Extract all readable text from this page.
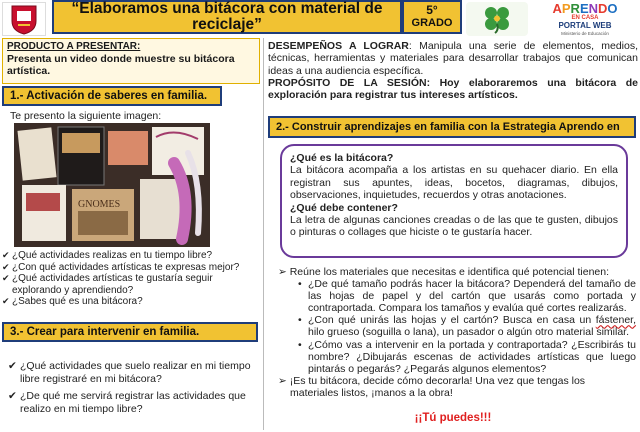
“Elaboramos una bitácora con material de reciclaje”
5°
GRADO
APRENDO
EN CASA
PORTAL WEB
Ministerio de Educación
PRODUCTO A PRESENTAR:
Presenta un video donde muestre su bitácora artística.
1.- Activación de saberes en familia.
Te presento la siguiente imagen:
GNOMES
✔ ¿Qué actividades realizas en tu tiempo libre?
✔ ¿Con qué actividades artísticas te expresas mejor?
✔ ¿Qué actividades artísticas te gustaría seguir explorando y aprendiendo?
✔ ¿Sabes qué es una bitácora?
3.- Crear para intervenir en familia.
✔ ¿Qué actividades que suelo realizar en mi tiempo libre registraré en mi bitácora?
✔ ¿De qué me servirá registrar las actividades que realizo en mi tiempo libre?
DESEMPEÑOS A LOGRAR: Manipula una serie de elementos, medios, técnicas, herramientas y materiales para desarrollar trabajos que comunican ideas a una audiencia específica.
PROPÓSITO DE LA SESIÓN: Hoy elaboraremos una bitácora de exploración para registrar tus intereses artísticos.
2.- Construir aprendizajes en familia con la Estrategia Aprendo en
¿Qué es la bitácora?
La bitácora acompaña a los artistas en su quehacer diario. En ella registran sus apuntes, ideas, bocetos, diagramas, dibujos, observaciones, inquietudes, recuerdos y otras anotaciones.
¿Qué debe contener?
La letra de algunas canciones creadas o de las que te gusten, dibujos o pinturas o collages que hiciste o te gustaría hacer.
➢ Reúne los materiales que necesitas e identifica qué potencial tienen:
• ¿De qué tamaño podrás hacer la bitácora? Dependerá del tamaño de las hojas de papel y del cartón que usarás como portada y contraportada. Compara los tamaños y evalúa qué cortes realizarás.
• ¿Con qué unirás las hojas y el cartón? Busca en casa un fástener, hilo grueso (soguilla o lana), un pasador o algún otro material similar.
• ¿Cómo vas a intervenir en la portada y contraportada? ¿Escribirás tu nombre? ¿Dibujarás escenas de actividades artísticas que luego pintarás o pegarás? ¿Pegarás algunos elementos?
➢ ¡Es tu bitácora, decide cómo decorarla! Una vez que tengas los materiales listos, ¡manos a la obra!
¡¡Tú puedes!!!
